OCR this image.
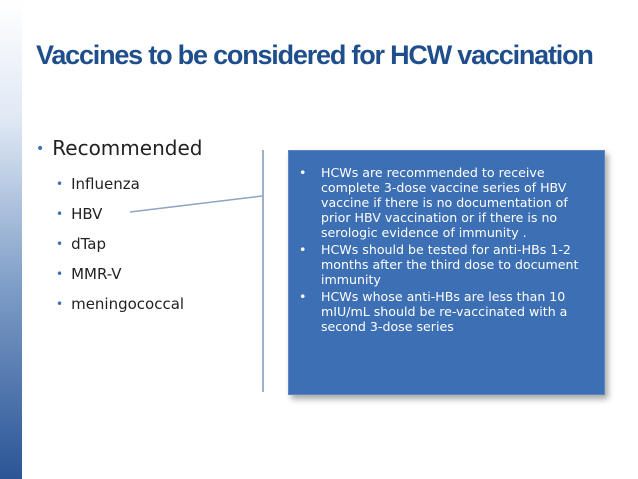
Vaccines to be considered for HCW vaccination
• Recommended
• Influenza
• HBV
• dTap
• MMR-V
• meningococcal
• HCWs are recommended to receive complete 3-dose vaccine series of HBV vaccine if there is no documentation of prior HBV vaccination or if there is no serologic evidence of immunity .
• HCWs should be tested for anti-HBs 1-2 months after the third dose to document immunity
• HCWs whose anti-HBs are less than 10 mIU/mL should be re-vaccinated with a second 3-dose series
